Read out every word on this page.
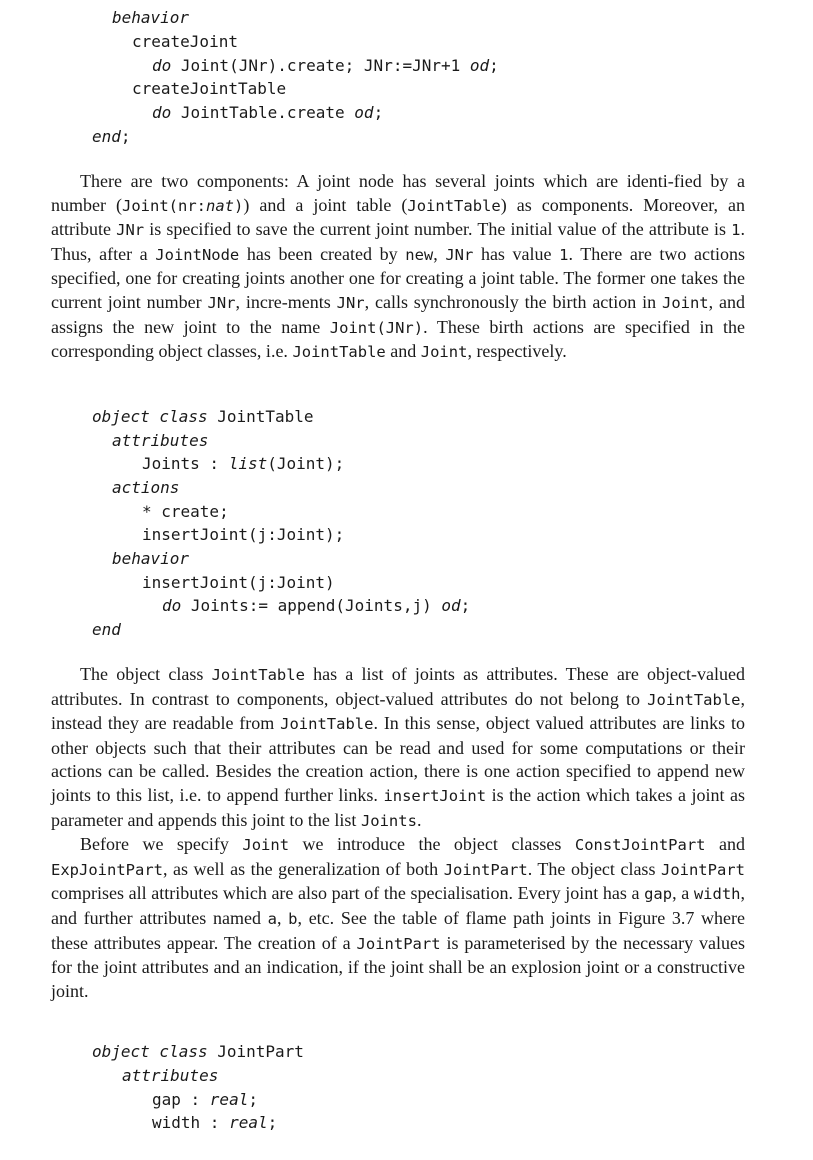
behavior

createJoint

do Joint(JNr).create; JNr:=JNr+1 od;

createJointTable

do JointTable.create od;

end;

There are two components: A joint node has several joints which are identi-fied by a number (Joint(nr:nat)) and a joint table (JointTable) as components. Moreover, an attribute JNr is specified to save the current joint number. The initial value of the attribute is 1. Thus, after a JointNode has been created by new, JNr has value 1. There are two actions specified, one for creating joints another one for creating a joint table. The former one takes the current joint number JNr, incre-ments JNr, calls synchronously the birth action in Joint, and assigns the new joint to the name Joint(JNr). These birth actions are specified in the corresponding object classes, i.e. JointTable and Joint, respectively.

object class JointTable

attributes

Joints : list(Joint);

actions

* create;

insertJoint(j:Joint);

behavior

insertJoint(j:Joint)

do Joints:= append(Joints,j) od;

end

The object class JointTable has a list of joints as attributes. These are object-valued attributes. In contrast to components, object-valued attributes do not belong to JointTable, instead they are readable from JointTable. In this sense, object valued attributes are links to other objects such that their attributes can be read and used for some computations or their actions can be called. Besides the creation action, there is one action specified to append new joints to this list, i.e. to append further links. insertJoint is the action which takes a joint as parameter and appends this joint to the list Joints.

Before we specify Joint we introduce the object classes ConstJointPart and ExpJointPart, as well as the generalization of both JointPart. The object class JointPart comprises all attributes which are also part of the specialisation. Every joint has a gap, a width, and further attributes named a, b, etc. See the table of flame path joints in Figure 3.7 where these attributes appear. The creation of a JointPart is parameterised by the necessary values for the joint attributes and an indication, if the joint shall be an explosion joint or a constructive joint.

object class JointPart

attributes

gap : real;

width : real;
